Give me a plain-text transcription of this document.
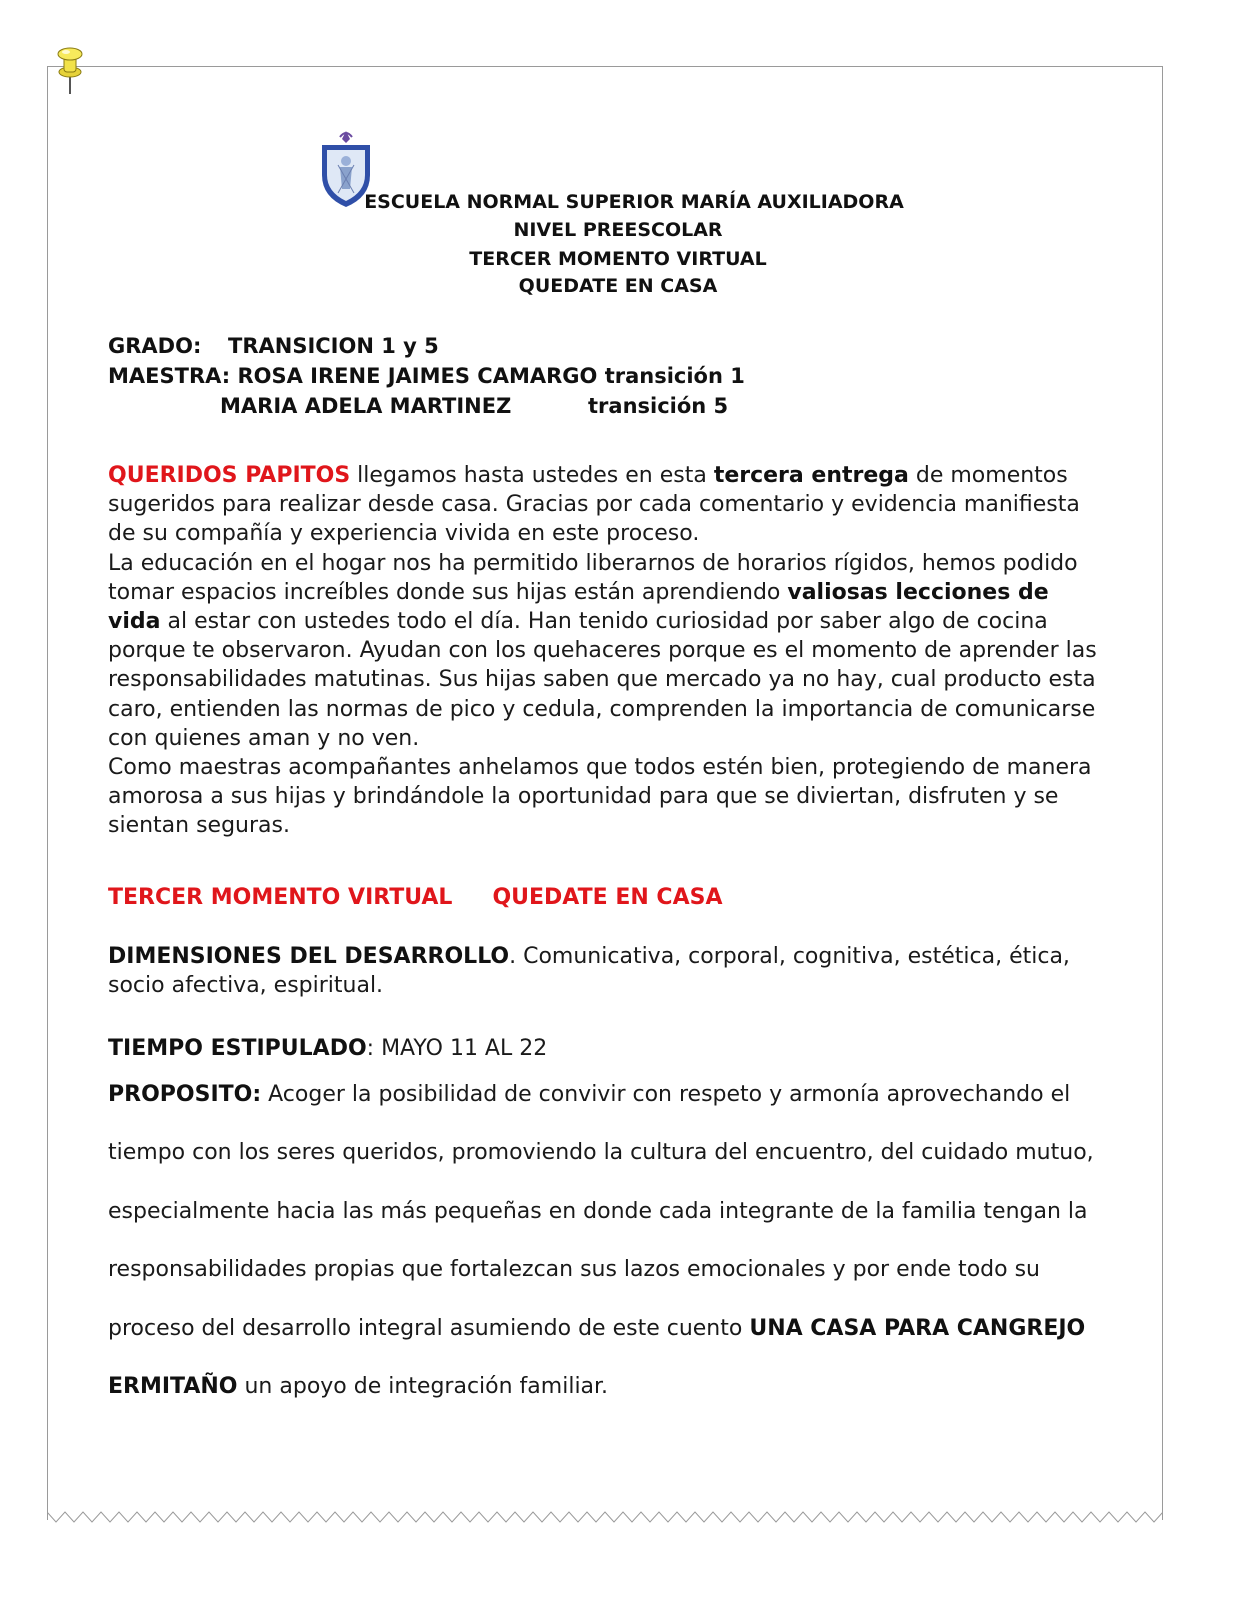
ESCUELA NORMAL SUPERIOR MARÍA AUXILIADORA
NIVEL PREESCOLAR
TERCER MOMENTO VIRTUAL
QUEDATE EN CASA
GRADO: TRANSICION 1 y 5
MAESTRA: ROSA IRENE JAIMES CAMARGO transición 1
MARIA ADELA MARTINEZ	transición 5

QUERIDOS PAPITOS llegamos hasta ustedes en esta tercera entrega de momentos sugeridos para realizar desde casa. Gracias por cada comentario y evidencia manifiesta de su compañía y experiencia vivida en este proceso.

La educación en el hogar nos ha permitido liberarnos de horarios rígidos, hemos podido tomar espacios increíbles donde sus hijas están aprendiendo valiosas lecciones de vida al estar con ustedes todo el día. Han tenido curiosidad por saber algo de cocina porque te observaron. Ayudan con los quehaceres porque es el momento de aprender las responsabilidades matutinas. Sus hijas saben que mercado ya no hay, cual producto esta caro, entienden las normas de pico y cedula, comprenden la importancia de comunicarse con quienes aman y no ven.

Como maestras acompañantes anhelamos que todos estén bien, protegiendo de manera amorosa a sus hijas y brindándole la oportunidad para que se diviertan, disfruten y se sientan seguras.

TERCER MOMENTO VIRTUAL QUEDATE EN CASA
DIMENSIONES DEL DESARROLLO. Comunicativa, corporal, cognitiva, estética, ética, socio afectiva, espiritual.
TIEMPO ESTIPULADO: MAYO 11 AL 22
PROPOSITO: Acoger la posibilidad de convivir con respeto y armonía aprovechando el tiempo con los seres queridos, promoviendo la cultura del encuentro, del cuidado mutuo, especialmente hacia las más pequeñas en donde cada integrante de la familia tengan la responsabilidades propias que fortalezcan sus lazos emocionales y por ende todo su proceso del desarrollo integral asumiendo de este cuento UNA CASA PARA CANGREJO ERMITAÑO un apoyo de integración familiar.
